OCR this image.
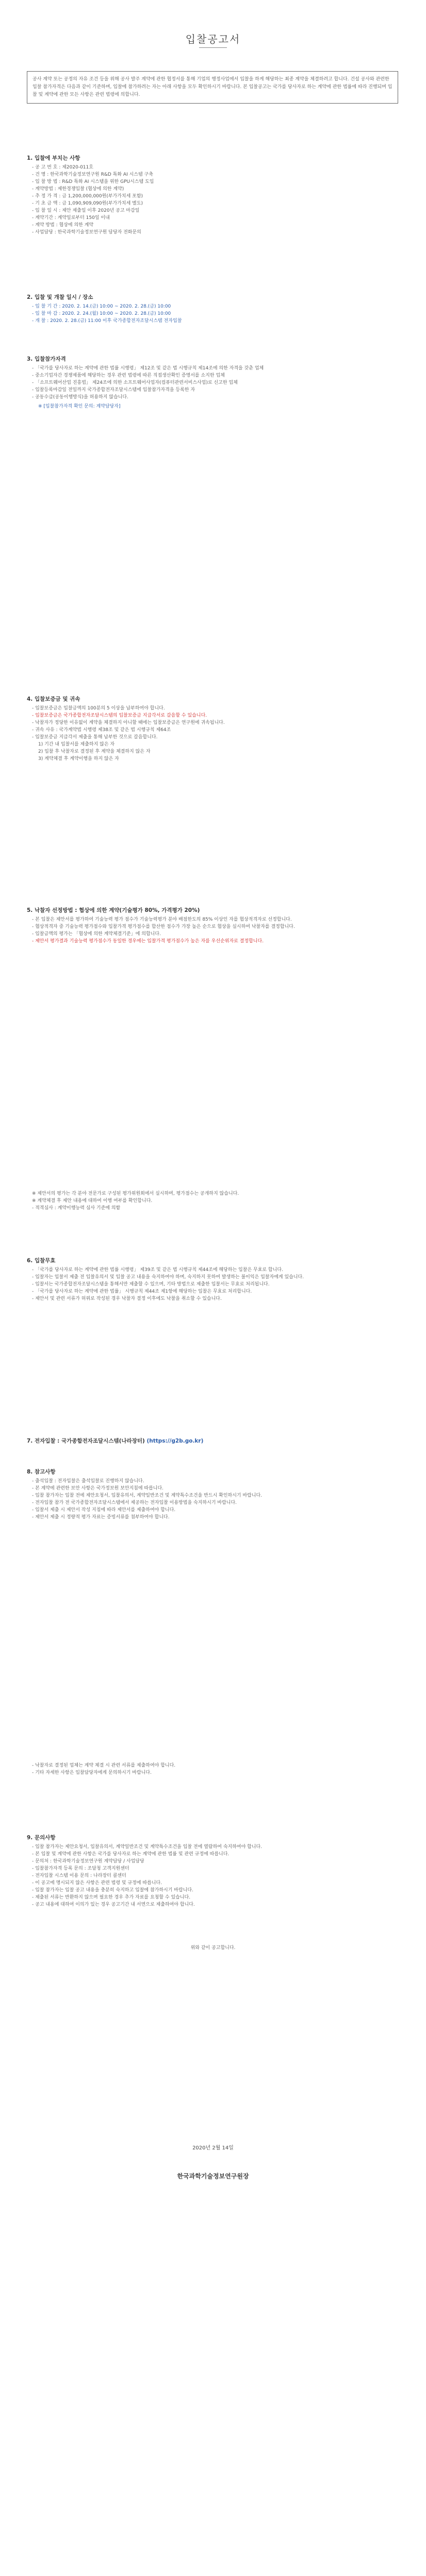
입찰공고서
공사 계약 또는 공정의 자유 조건 등을 위해 공사 발주 계약에 관한 협정서를 통해 기업의 행정사업에서 입찰을 하게 해당하는 최종 계약을 체결하려고 합니다. 건설 공사와 관련한 입찰 참가자격은 다음과 같이 기준하며, 입찰에 참가하려는 자는 아래 사항을 모두 확인하시기 바랍니다. 본 입찰공고는 국가를 당사자로 하는 계약에 관한 법률에 따라 진행되며 입찰 및 계약에 관한 모든 사항은 관련 법령에 의합니다.
1. 입찰에 부치는 사항

- 공 고 번 호 : 제2020-011호

- 건 명 : 한국과학기술정보연구원 R&D 특화 AI 시스템 구축

- 입 찰 방 법 : R&D 특화 AI 시스템을 위한 GPU시스템 도입

- 계약방법 : 제한경쟁입찰 (협상에 의한 계약)

- 추 정 가 격 : 금 1,200,000,000원(부가가치세 포함)

- 기 초 금 액 : 금 1,090,909,090원(부가가치세 별도)

- 입 찰 일 시 : 제안 제출일 이후 2020년 공고 마감일

- 계약기간 : 계약일로부터 150일 이내

- 계약 방법 : 협상에 의한 계약

- 사업담당 : 한국과학기술정보연구원 담당자 전화문의

2. 입찰 및 개찰 일시 / 장소

- 입 찰 기 간 : 2020. 2. 14.(금) 10:00 ~ 2020. 2. 28.(금) 10:00

- 입 찰 마 감 : 2020. 2. 24.(월) 10:00 ~ 2020. 2. 28.(금) 10:00

- 개 찰 : 2020. 2. 28.(금) 11:00 이후 국가종합전자조달시스템 전자입찰

3. 입찰참가자격

- 「국가를 당사자로 하는 계약에 관한 법률 시행령」 제12조 및 같은 법 시행규칙 제14조에 의한 자격을 갖춘 업체

- 중소기업자간 경쟁제품에 해당하는 경우 관련 법령에 따른 직접생산확인 증명서를 소지한 업체

- 「소프트웨어산업 진흥법」 제24조에 의한 소프트웨어사업자(컴퓨터관련서비스사업)로 신고한 업체

- 입찰등록마감일 전일까지 국가종합전자조달시스템에 입찰참가자격을 등록한 자

- 공동수급(공동이행방식)을 허용하지 않습니다.

※ [입찰참가자격 확인 문의: 계약담당자]

4. 입찰보증금 및 귀속

- 입찰보증금은 입찰금액의 100분의 5 이상을 납부하여야 합니다.

- 입찰보증금은 국가종합전자조달시스템의 입찰보증금 지급각서로 갈음할 수 있습니다.

- 낙찰자가 정당한 이유없이 계약을 체결하지 아니할 때에는 입찰보증금은 연구원에 귀속됩니다.

- 귀속 사유 : 국가계약법 시행령 제38조 및 같은 법 시행규칙 제64조

- 입찰보증금 지급각서 제출을 통해 납부한 것으로 갈음합니다.

1) 기간 내 입찰서를 제출하지 않은 자

2) 입찰 후 낙찰자로 결정된 후 계약을 체결하지 않은 자

3) 계약체결 후 계약이행을 하지 않은 자

5. 낙찰자 선정방법 : 협상에 의한 계약(기술평가 80%, 가격평가 20%)

- 본 입찰은 제안서를 평가하여 기술능력 평가 점수가 기술능력평가 분야 배점한도의 85% 이상인 자를 협상적격자로 선정합니다.

- 협상적격자 중 기술능력 평가점수와 입찰가격 평가점수를 합산한 점수가 가장 높은 순으로 협상을 실시하여 낙찰자를 결정합니다.

- 입찰금액의 평가는 「협상에 의한 계약체결기준」에 의합니다.

- 제안서 평가결과 기술능력 평가점수가 동일한 경우에는 입찰가격 평가점수가 높은 자를 우선순위자로 결정합니다.

※ 제안서의 평가는 각 분야 전문가로 구성된 평가위원회에서 실시하며, 평가점수는 공개하지 않습니다.

※ 계약체결 후 제안 내용에 대하여 이행 여부를 확인합니다.

- 적격심사 : 계약이행능력 심사 기준에 의함

6. 입찰무효

- 「국가를 당사자로 하는 계약에 관한 법률 시행령」 제39조 및 같은 법 시행규칙 제44조에 해당하는 입찰은 무효로 합니다.

- 입찰자는 입찰서 제출 전 입찰유의서 및 입찰 공고 내용을 숙지하여야 하며, 숙지하지 못하여 발생하는 불이익은 입찰자에게 있습니다.

- 입찰서는 국가종합전자조달시스템을 통해서만 제출할 수 있으며, 기타 방법으로 제출한 입찰서는 무효로 처리됩니다.

- 「국가를 당사자로 하는 계약에 관한 법률」 시행규칙 제44조 제1항에 해당하는 입찰은 무효로 처리합니다.

- 제안서 및 관련 서류가 허위로 작성된 경우 낙찰자 결정 이후에도 낙찰을 취소할 수 있습니다.

7. 전자입찰 : 국가종합전자조달시스템(나라장터) (https://g2b.go.kr)
8. 참고사항

- 출석입찰 : 전자입찰은 출석입찰로 진행하지 않습니다.

- 본 계약에 관련한 보안 사항은 국가정보원 보안지침에 따릅니다.

- 입찰 참가자는 입찰 전에 제안요청서, 입찰유의서, 계약일반조건 및 계약특수조건을 반드시 확인하시기 바랍니다.

- 전자입찰 참가 전 국가종합전자조달시스템에서 제공하는 전자입찰 이용방법을 숙지하시기 바랍니다.

- 입찰서 제출 시 제안서 작성 지침에 따라 제안서를 제출하여야 합니다.

- 제안서 제출 시 정량적 평가 자료는 증빙서류를 첨부하여야 합니다.

- 낙찰자로 결정된 업체는 계약 체결 시 관련 서류를 제출하여야 합니다.

- 기타 자세한 사항은 입찰담당자에게 문의하시기 바랍니다.

9. 문의사항

- 입찰 참가자는 제안요청서, 입찰유의서, 계약일반조건 및 계약특수조건을 입찰 전에 열람하여 숙지하여야 합니다.

- 본 입찰 및 계약에 관한 사항은 국가를 당사자로 하는 계약에 관한 법률 및 관련 규정에 따릅니다.

- 문의처 : 한국과학기술정보연구원 계약담당 / 사업담당

- 입찰참가자격 등록 문의 : 조달청 고객지원센터

- 전자입찰 시스템 이용 문의 : 나라장터 콜센터

- 이 공고에 명시되지 않은 사항은 관련 법령 및 규정에 따릅니다.

- 입찰 참가자는 입찰 공고 내용을 충분히 숙지하고 입찰에 참가하시기 바랍니다.

- 제출된 서류는 반환하지 않으며 필요한 경우 추가 자료를 요청할 수 있습니다.

- 공고 내용에 대하여 이의가 있는 경우 공고기간 내 서면으로 제출하여야 합니다.

위와 같이 공고합니다.

2020년 2월 14일
한국과학기술정보연구원장
